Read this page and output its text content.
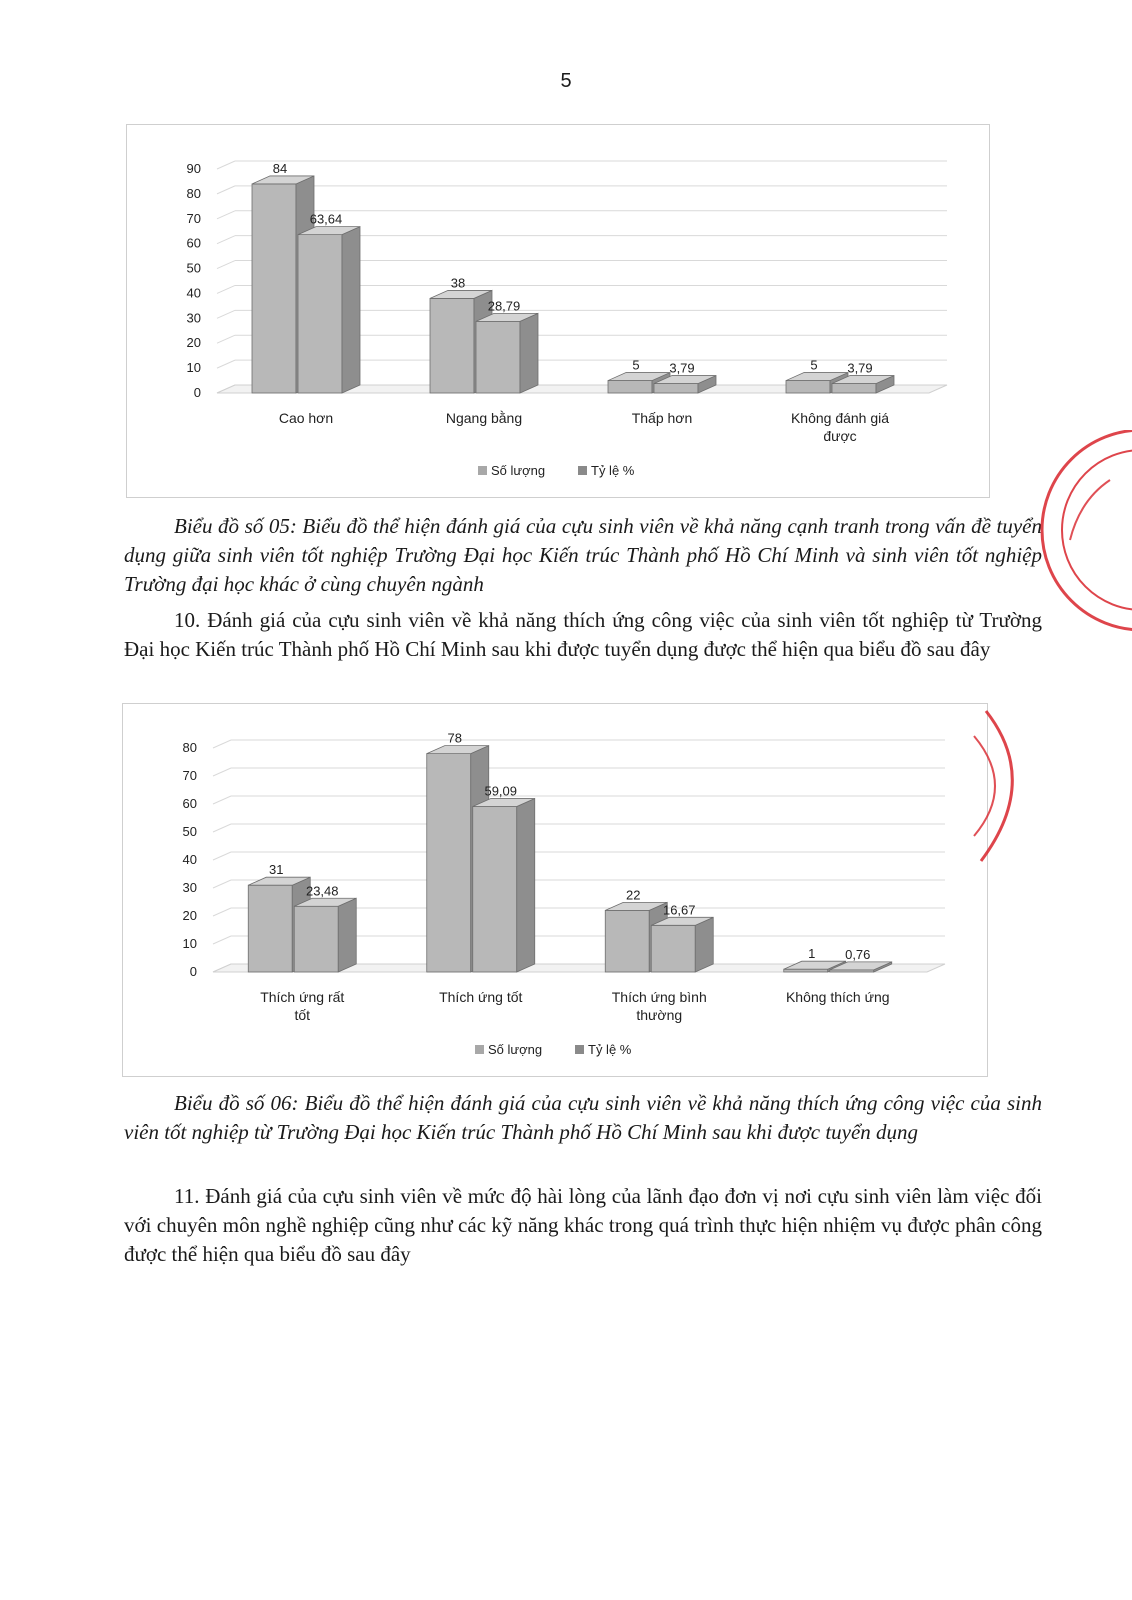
5
0
10
20
30
40
50
60
70
80
90	84
63,64
Cao hơn
38
28,79
Ngang bằng
5 3,79
Thấp hơn
5 3,79
Không đánh giá
được
Số lượng	Tỷ lệ %
Biểu đồ số 05: Biểu đồ thể hiện đánh giá của cựu sinh viên về khả năng cạnh tranh trong vấn đề tuyển dụng giữa sinh viên tốt nghiệp Trường Đại học Kiến trúc Thành phố Hồ Chí Minh và sinh viên tốt nghiệp Trường đại học khác ở cùng chuyên ngành
10. Đánh giá của cựu sinh viên về khả năng thích ứng công việc của sinh viên tốt nghiệp từ Trường Đại học Kiến trúc Thành phố Hồ Chí Minh sau khi được tuyển dụng được thể hiện qua biểu đồ sau đây
0
10
20
30
40
50
60
70
80
31
23,48
Thích ứng rất
tốt
78
59,09
Thích ứng tốt
22
16,67
Thích ứng bình
thường
1 0,76
Không thích ứng
Số lượng	Tỷ lệ %
Biểu đồ số 06: Biểu đồ thể hiện đánh giá của cựu sinh viên về khả năng thích ứng công việc của sinh viên tốt nghiệp từ Trường Đại học Kiến trúc Thành phố Hồ Chí Minh sau khi được tuyển dụng
11. Đánh giá của cựu sinh viên về mức độ hài lòng của lãnh đạo đơn vị nơi cựu sinh viên làm việc đối với chuyên môn nghề nghiệp cũng như các kỹ năng khác trong quá trình thực hiện nhiệm vụ được phân công được thể hiện qua biểu đồ sau đây
